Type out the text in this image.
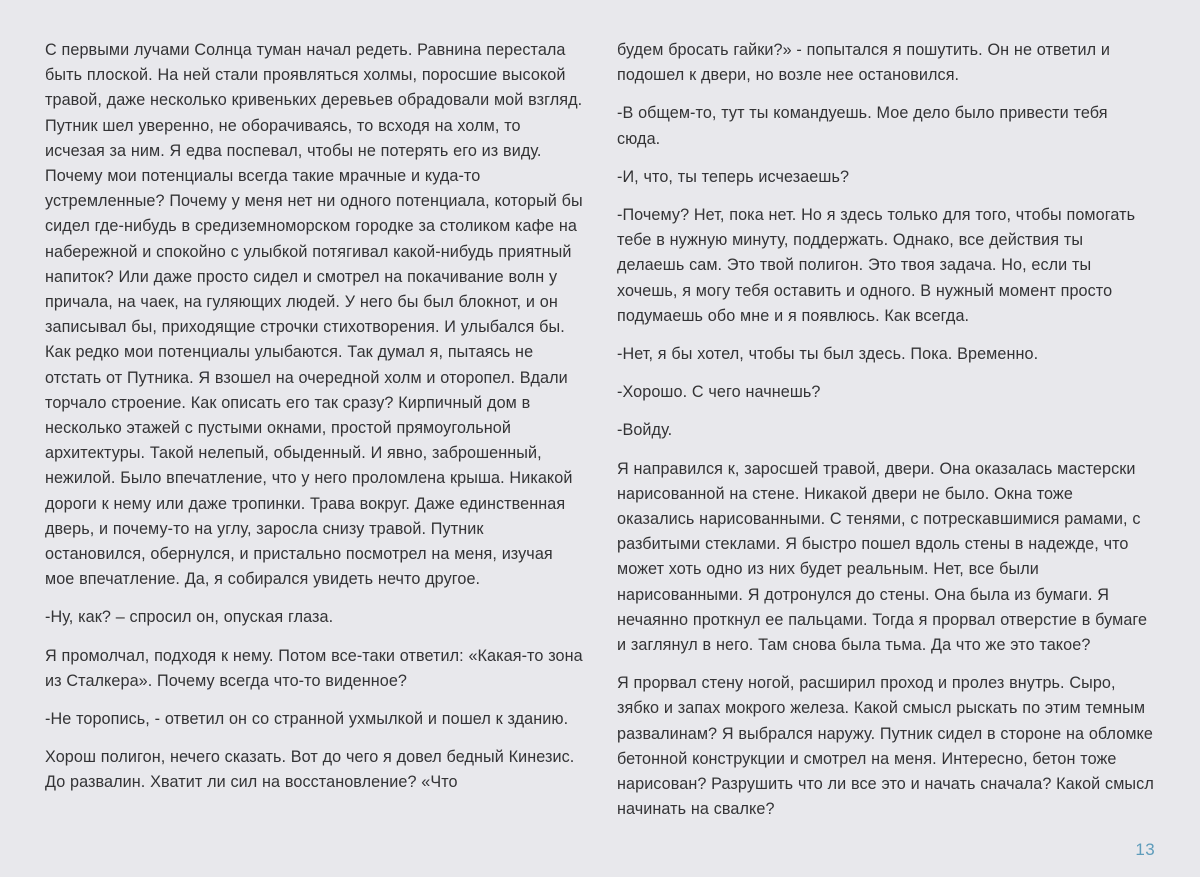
С первыми лучами Солнца туман начал редеть. Равнина перестала быть плоской. На ней стали проявляться холмы, поросшие высокой травой, даже несколько кривеньких деревьев обрадовали мой взгляд. Путник шел уверенно, не оборачиваясь, то всходя на холм, то исчезая за ним. Я едва поспевал, чтобы не потерять его из виду. Почему мои потенциалы всегда такие мрачные и куда-то устремленные? Почему у меня нет ни одного потенциала, который бы сидел где-нибудь в средиземноморском городке за столиком кафе на набережной и спокойно с улыбкой потягивал какой-нибудь приятный напиток? Или даже просто сидел и смотрел на покачивание волн у причала, на чаек, на гуляющих людей. У него бы был блокнот, и он записывал бы, приходящие строчки стихотворения. И улыбался бы. Как редко мои потенциалы улыбаются. Так думал я, пытаясь не отстать от Путника. Я взошел на очередной холм и оторопел. Вдали торчало строение. Как описать его так сразу? Кирпичный дом в несколько этажей с пустыми окнами, простой прямоугольной архитектуры. Такой нелепый, обыденный. И явно, заброшенный, нежилой. Было впечатление, что у него проломлена крыша. Никакой дороги к нему или даже тропинки. Трава вокруг. Даже единственная дверь, и почему-то на углу, заросла снизу травой. Путник остановился, обернулся, и пристально посмотрел на меня, изучая мое впечатление. Да, я собирался увидеть нечто другое.

-Ну, как? – спросил он, опуская глаза.

Я промолчал, подходя к нему. Потом все-таки ответил: «Какая-то зона из Сталкера». Почему всегда что-то виденное?

-Не торопись, - ответил он со странной ухмылкой и пошел к зданию.

Хорош полигон, нечего сказать. Вот до чего я довел бедный Кинезис. До развалин. Хватит ли сил на восстановление? «Что

будем бросать гайки?» - попытался я пошутить. Он не ответил и подошел к двери, но возле нее остановился.

-В общем-то, тут ты командуешь. Мое дело было привести тебя сюда.

-И, что, ты теперь исчезаешь?

-Почему? Нет, пока нет. Но я здесь только для того, чтобы помогать тебе в нужную минуту, поддержать. Однако, все действия ты делаешь сам. Это твой полигон. Это твоя задача. Но, если ты хочешь, я могу тебя оставить и одного. В нужный момент просто подумаешь обо мне и я появлюсь. Как всегда.

-Нет, я бы хотел, чтобы ты был здесь. Пока. Временно.

-Хорошо. С чего начнешь?

-Войду.

Я направился к, заросшей травой, двери. Она оказалась мастерски нарисованной на стене. Никакой двери не было. Окна тоже оказались нарисованными. С тенями, с потрескавшимися рамами, с разбитыми стеклами. Я быстро пошел вдоль стены в надежде, что может хоть одно из них будет реальным. Нет, все были нарисованными. Я дотронулся до стены. Она была из бумаги. Я нечаянно проткнул ее пальцами. Тогда я прорвал отверстие в бумаге и заглянул в него. Там снова была тьма. Да что же это такое?

Я прорвал стену ногой, расширил проход и пролез внутрь. Сыро, зябко и запах мокрого железа. Какой смысл рыскать по этим темным развалинам? Я выбрался наружу. Путник сидел в стороне на обломке бетонной конструкции и смотрел на меня. Интересно, бетон тоже нарисован? Разрушить что ли все это и начать сначала? Какой смысл начинать на свалке?

13
